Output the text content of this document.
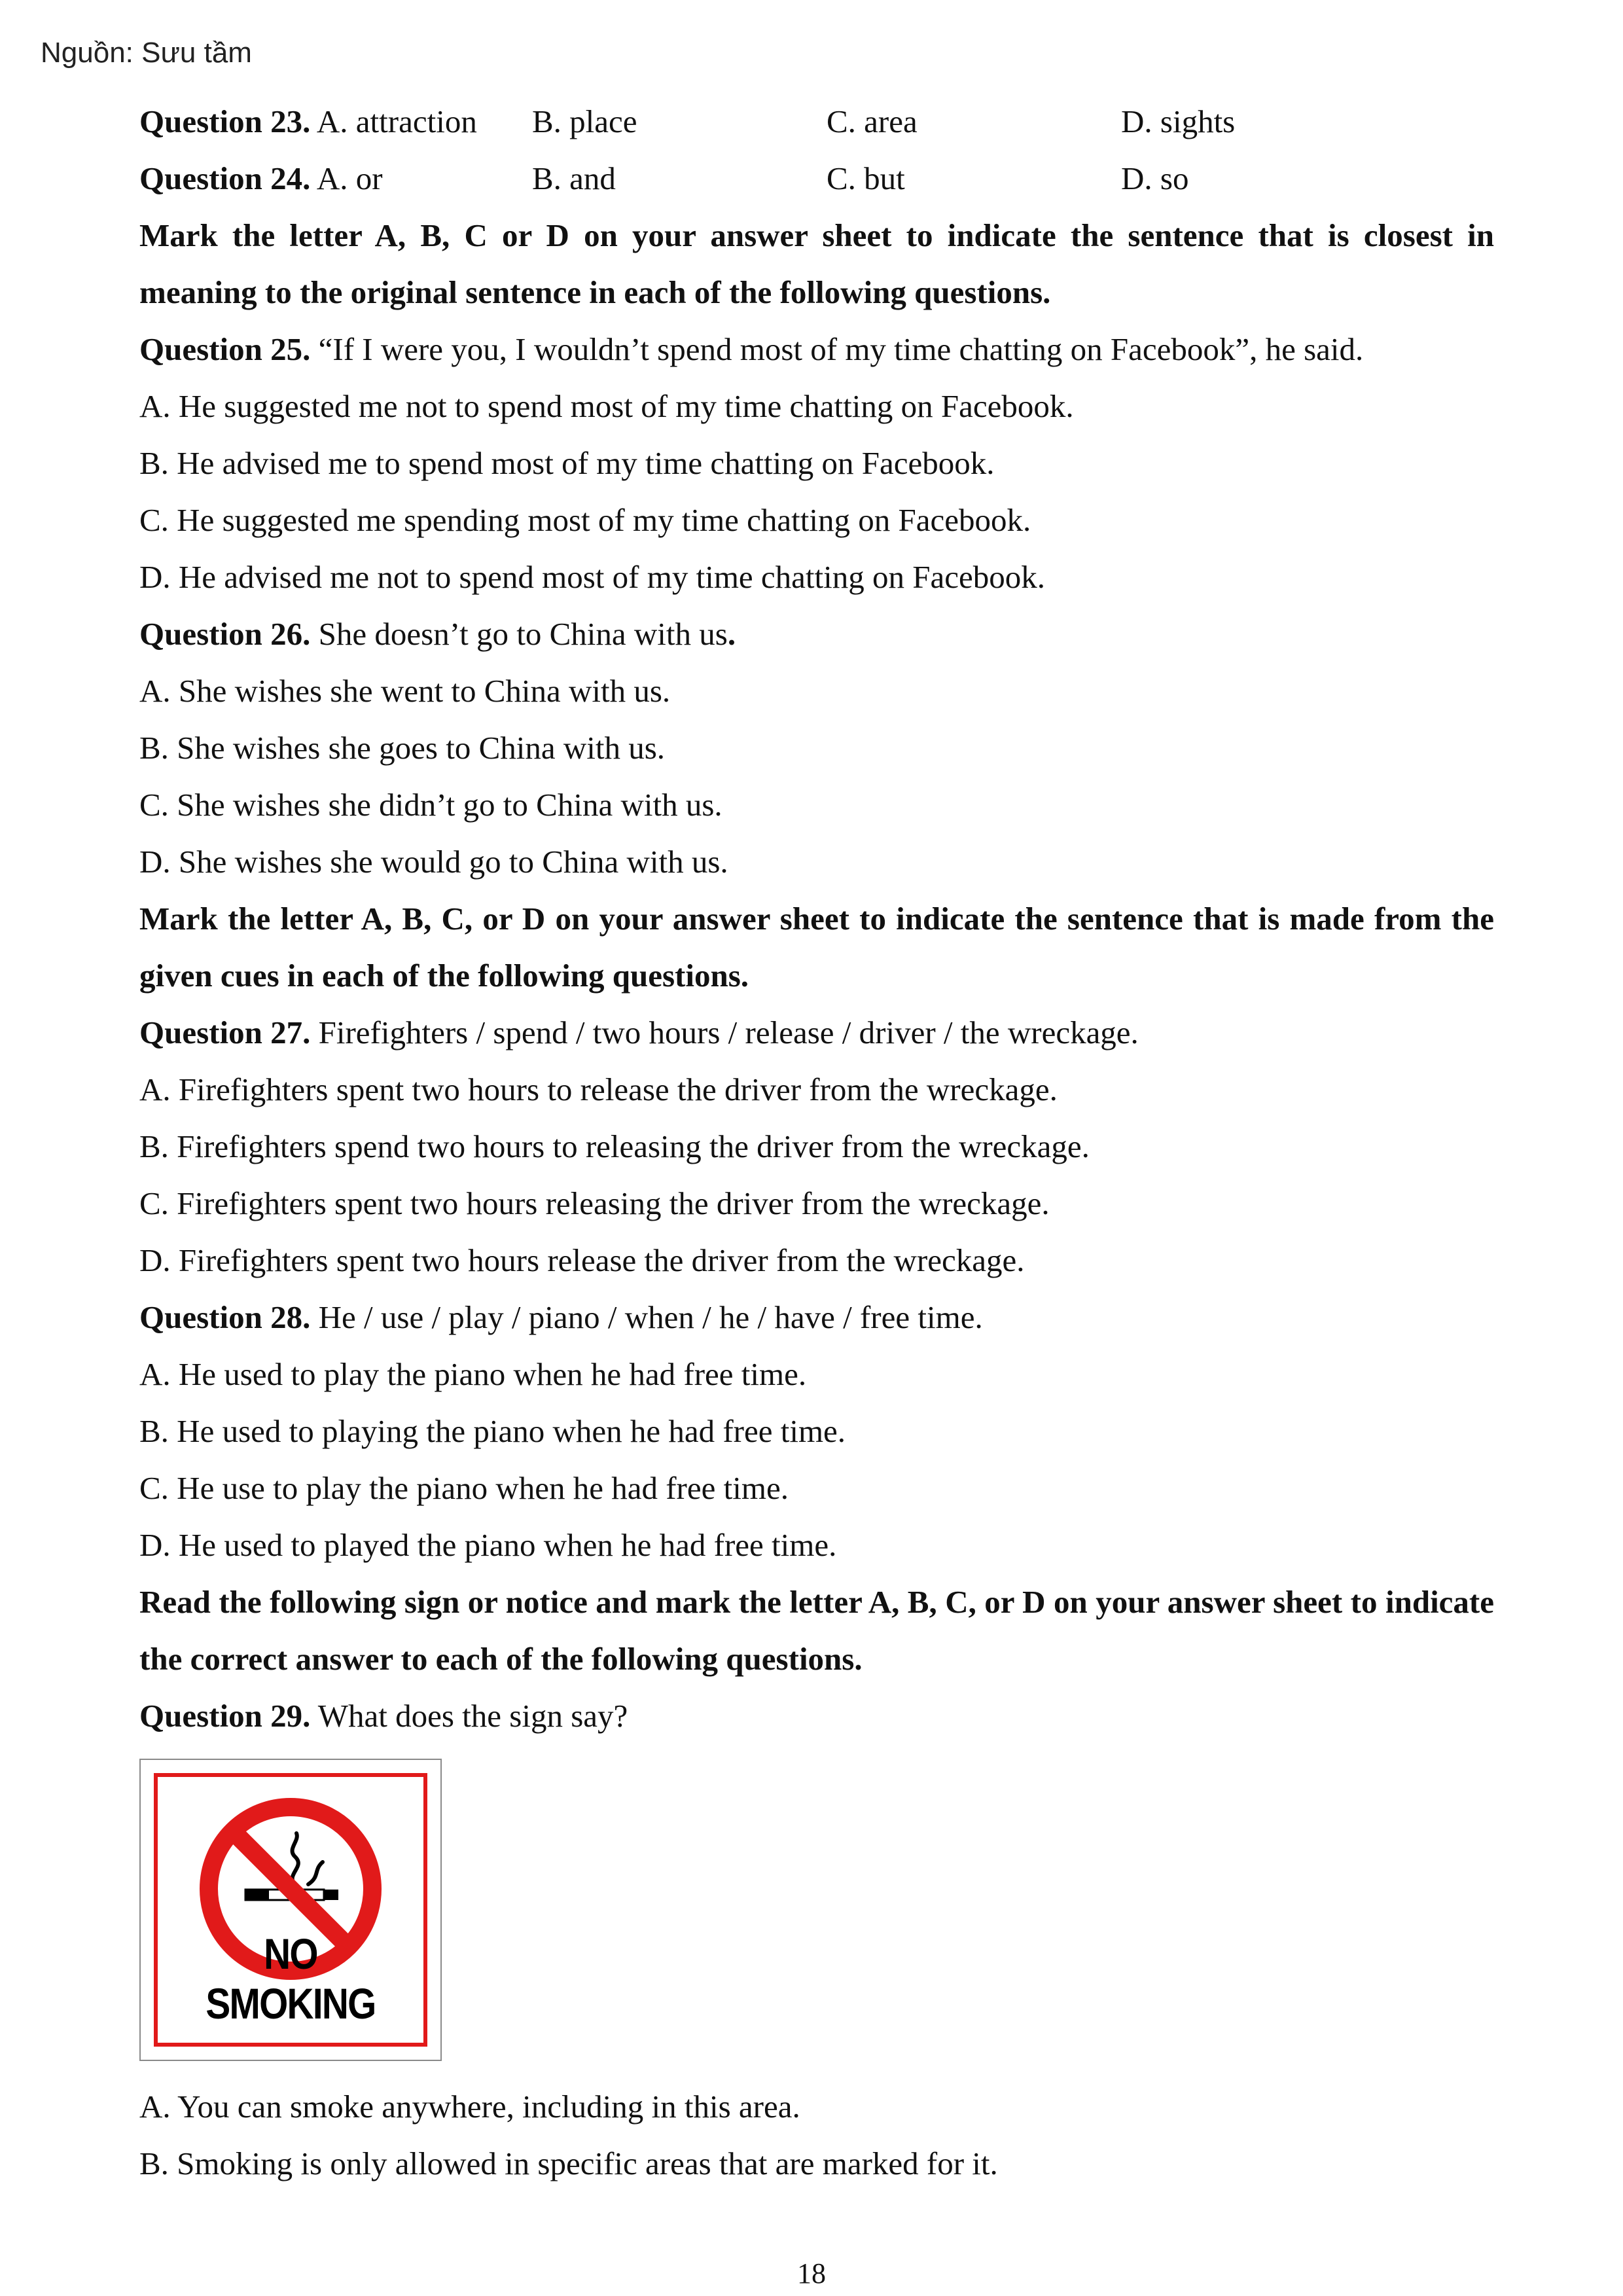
Nguồn: Sưu tầm
Question 23. A. attraction B. place	C. area	D. sights
Question 24. A. or	B. and	C. but	D. so
Mark the letter A, B, C or D on your answer sheet to indicate the sentence that is closest in meaning to the original sentence in each of the following questions.
Question 25. “If I were you, I wouldn’t spend most of my time chatting on Facebook”, he said.
A. He suggested me not to spend most of my time chatting on Facebook.
B. He advised me to spend most of my time chatting on Facebook.
C. He suggested me spending most of my time chatting on Facebook.
D. He advised me not to spend most of my time chatting on Facebook.
Question 26. She doesn’t go to China with us.
A. She wishes she went to China with us.
B. She wishes she goes to China with us.
C. She wishes she didn’t go to China with us.
D. She wishes she would go to China with us.
Mark the letter A, B, C, or D on your answer sheet to indicate the sentence that is made from the given cues in each of the following questions.
Question 27. Firefighters / spend / two hours / release / driver / the wreckage.
A. Firefighters spent two hours to release the driver from the wreckage.
B. Firefighters spend two hours to releasing the driver from the wreckage.
C. Firefighters spent two hours releasing the driver from the wreckage.
D. Firefighters spent two hours release the driver from the wreckage.
Question 28. He / use / play / piano / when / he / have / free time.
A. He used to play the piano when he had free time.
B. He used to playing the piano when he had free time.
C. He use to play the piano when he had free time.
D. He used to played the piano when he had free time.
Read the following sign or notice and mark the letter A, B, C, or D on your answer sheet to indicate the correct answer to each of the following questions.
Question 29. What does the sign say?
NO SMOKING
A. You can smoke anywhere, including in this area.
B. Smoking is only allowed in specific areas that are marked for it.
18
